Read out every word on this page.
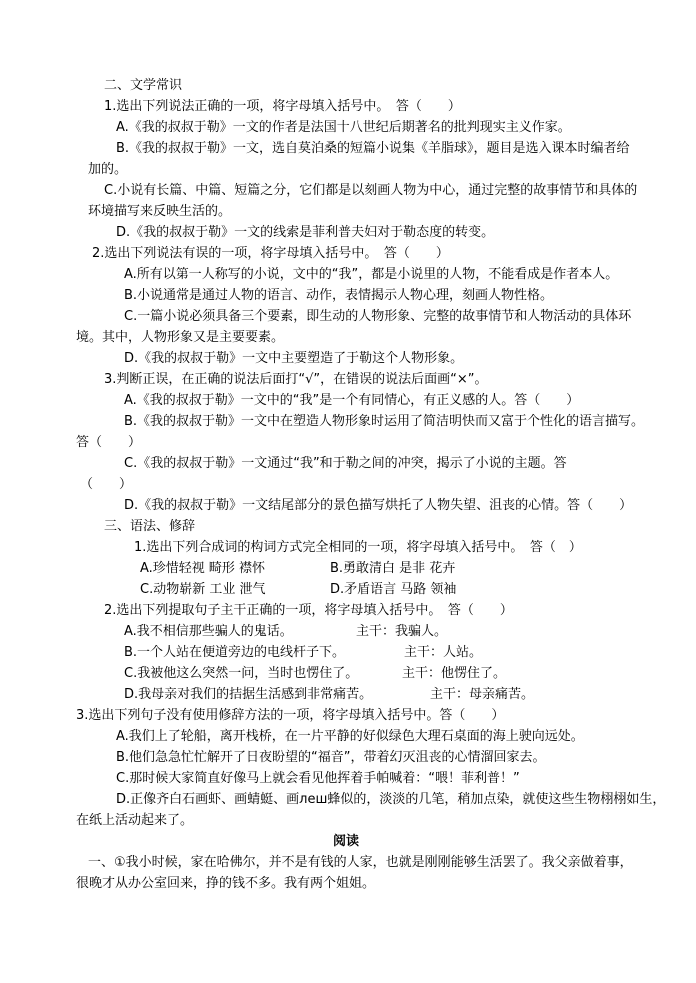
二、文学常识
1.选出下列说法正确的一项，将字母填入括号中。　答（　　）
A.《我的叔叔于勒》一文的作者是法国十八世纪后期著名的批判现实主义作家。
B.《我的叔叔于勒》一文，选自莫泊桑的短篇小说集《羊脂球》，题目是选入课本时编者给
加的。
C.小说有长篇、中篇、短篇之分，它们都是以刻画人物为中心，通过完整的故事情节和具体的
环境描写来反映生活的。
D.《我的叔叔于勒》一文的线索是菲利普夫妇对于勒态度的转变。
2.选出下列说法有误的一项，将字母填入括号中。　答（　　）
A.所有以第一人称写的小说，文中的“我”，都是小说里的人物，不能看成是作者本人。
B.小说通常是通过人物的语言、动作，表情揭示人物心理，刻画人物性格。
C.一篇小说必须具备三个要素，即生动的人物形象、完整的故事情节和人物活动的具体环
境。其中，人物形象又是主要要素。
D.《我的叔叔于勒》一文中主要塑造了于勒这个人物形象。
3.判断正误，在正确的说法后面打“√”，在错误的说法后面画“×”。
A.《我的叔叔于勒》一文中的“我”是一个有同情心，有正义感的人。答（　　）
B.《我的叔叔于勒》一文中在塑造人物形象时运用了简洁明快而又富于个性化的语言描写。
答（　　）
C.《我的叔叔于勒》一文通过“我”和于勒之间的冲突，揭示了小说的主题。答
（　　）
D.《我的叔叔于勒》一文结尾部分的景色描写烘托了人物失望、沮丧的心情。答（　　）
三、语法、修辞
1.选出下列合成词的构词方式完全相同的一项，将字母填入括号中。　答（　）
A.珍惜轻视 畸形 襟怀	B.勇敢清白 是非 花卉
C.动物崭新 工业 泄气	D.矛盾语言 马路 领袖
2.选出下列提取句子主干正确的一项，将字母填入括号中。　答（　　）
A.我不相信那些骗人的鬼话。	主干：我骗人。
B.一个人站在便道旁边的电线杆子下。	主干：人站。
C.我被他这么突然一问，当时也愣住了。	主干：他愣住了。
D.我母亲对我们的拮据生活感到非常痛苦。	主干：母亲痛苦。
3.选出下列句子没有使用修辞方法的一项，将字母填入括号中。答（　　）
A.我们上了轮船，离开栈桥，在一片平静的好似绿色大理石桌面的海上驶向远处。
B.他们急急忙忙解开了日夜盼望的“福音”，带着幻灭沮丧的心情溜回家去。
C.那时候大家简直好像马上就会看见他挥着手帕喊着：“喂！菲利普！”
D.正像齐白石画虾、画蜻蜓、画леш蜂似的，淡淡的几笔，稍加点染，就使这些生物栩栩如生，
在纸上活动起来了。
阅读
一、①我小时候，家在哈佛尔，并不是有钱的人家，也就是刚刚能够生活罢了。我父亲做着事，
很晚才从办公室回来，挣的钱不多。我有两个姐姐。
